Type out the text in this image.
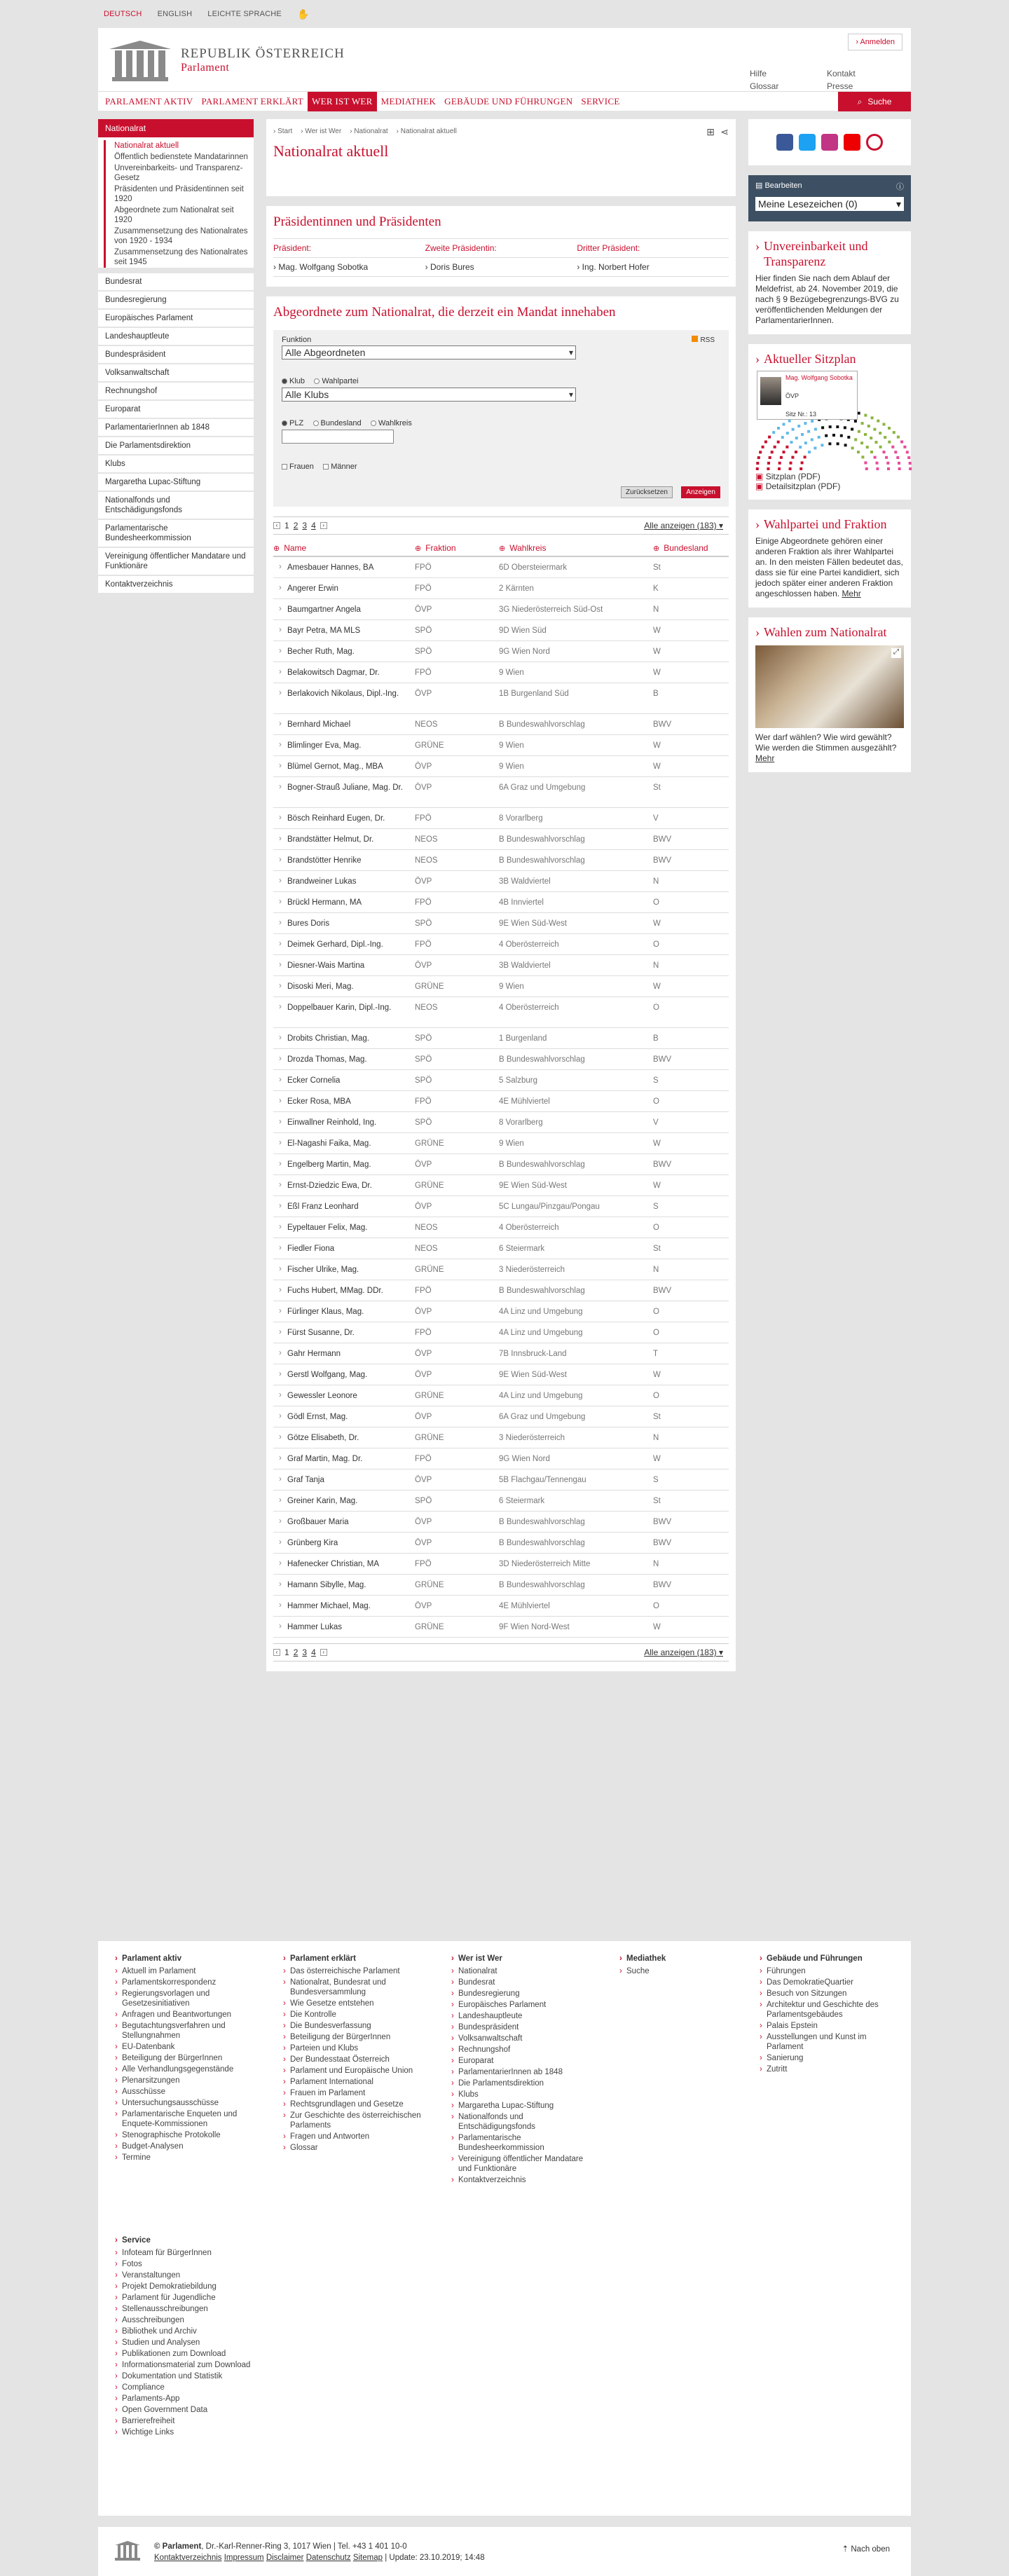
DEUTSCH ENGLISH LEICHTE SPRACHE ✋
REPUBLIK ÖSTERREICH
Parlament
› Anmelden
Hilfe	Kontakt
Glossar	Presse
PARLAMENT AKTIV PARLAMENT ERKLÄRT WER IST WER MEDIATHEK GEBÄUDE UND FÜHRUNGEN SERVICE	⌕ Suche
Nationalrat
Nationalrat aktuell
Öffentlich bedienstete Mandatarinnen
Unvereinbarkeits- und Transparenz-Gesetz
Präsidenten und Präsidentinnen seit 1920
Abgeordnete zum Nationalrat seit 1920
Zusammensetzung des Nationalrates von 1920 - 1934
Zusammensetzung des Nationalrates seit 1945
Bundesrat
Bundesregierung
Europäisches Parlament
Landeshauptleute
Bundespräsident
Volksanwaltschaft
Rechnungshof
Europarat
ParlamentarierInnen ab 1848
Die Parlamentsdirektion
Klubs
Margaretha Lupac-Stiftung
Nationalfonds und Entschädigungsfonds
Parlamentarische Bundesheerkommission
Vereinigung öffentlicher Mandatare und Funktionäre
Kontaktverzeichnis
› Start › Wer ist Wer › Nationalrat › Nationalrat aktuell	⊞ ⋖
Nationalrat aktuell
Präsidentinnen und Präsidenten
Präsident:	Zweite Präsidentin:	Dritter Präsident:
› Mag. Wolfgang Sobotka	› Doris Bures	› Ing. Norbert Hofer
Abgeordnete zum Nationalrat, die derzeit ein Mandat innehaben
Funktion	RSS
Alle Abgeordneten ▾
Klub
Wahlpartei
Alle Klubs ▾
PLZ
Bundesland
Wahlkreis
Frauen
Männer
Zurücksetzen	Anzeigen
‹ 1 2 3 4	›	Alle anzeigen (183) ▾
⊕ Name	⊕ Fraktion	⊕ Wahlkreis	⊕ Bundesland
› Amesbauer Hannes, BA	FPÖ	6D Obersteiermark	St
› Angerer Erwin	FPÖ	2 Kärnten	K
› Baumgartner Angela	ÖVP	3G Niederösterreich Süd-Ost	N
› Bayr Petra, MA MLS	SPÖ	9D Wien Süd	W
› Becher Ruth, Mag.	SPÖ	9G Wien Nord	W
› Belakowitsch Dagmar, Dr.	FPÖ	9 Wien	W
› Berlakovich Nikolaus, Dipl.-Ing.	ÖVP	1B Burgenland Süd	B
› Bernhard Michael	NEOS	B Bundeswahlvorschlag	BWV
› Blimlinger Eva, Mag.	GRÜNE	9 Wien	W
› Blümel Gernot, Mag., MBA	ÖVP	9 Wien	W
› Bogner-Strauß Juliane, Mag. Dr.	ÖVP	6A Graz und Umgebung	St
› Bösch Reinhard Eugen, Dr.	FPÖ	8 Vorarlberg	V
› Brandstätter Helmut, Dr.	NEOS	B Bundeswahlvorschlag	BWV
› Brandstötter Henrike	NEOS	B Bundeswahlvorschlag	BWV
› Brandweiner Lukas	ÖVP	3B Waldviertel	N
› Brückl Hermann, MA	FPÖ	4B Innviertel	O
› Bures Doris	SPÖ	9E Wien Süd-West	W
› Deimek Gerhard, Dipl.-Ing.	FPÖ	4 Oberösterreich	O
› Diesner-Wais Martina	ÖVP	3B Waldviertel	N
› Disoski Meri, Mag.	GRÜNE	9 Wien	W
› Doppelbauer Karin, Dipl.-Ing.	NEOS	4 Oberösterreich	O
› Drobits Christian, Mag.	SPÖ	1 Burgenland	B
› Drozda Thomas, Mag.	SPÖ	B Bundeswahlvorschlag	BWV
› Ecker Cornelia	SPÖ	5 Salzburg	S
› Ecker Rosa, MBA	FPÖ	4E Mühlviertel	O
› Einwallner Reinhold, Ing.	SPÖ	8 Vorarlberg	V
› El-Nagashi Faika, Mag.	GRÜNE	9 Wien	W
› Engelberg Martin, Mag.	ÖVP	B Bundeswahlvorschlag	BWV
› Ernst-Dziedzic Ewa, Dr.	GRÜNE	9E Wien Süd-West	W
› Eßl Franz Leonhard	ÖVP	5C Lungau/Pinzgau/Pongau	S
› Eypeltauer Felix, Mag.	NEOS	4 Oberösterreich	O
› Fiedler Fiona	NEOS	6 Steiermark	St
› Fischer Ulrike, Mag.	GRÜNE	3 Niederösterreich	N
› Fuchs Hubert, MMag. DDr.	FPÖ	B Bundeswahlvorschlag	BWV
› Fürlinger Klaus, Mag.	ÖVP	4A Linz und Umgebung	O
› Fürst Susanne, Dr.	FPÖ	4A Linz und Umgebung	O
› Gahr Hermann	ÖVP	7B Innsbruck-Land	T
› Gerstl Wolfgang, Mag.	ÖVP	9E Wien Süd-West	W
› Gewessler Leonore	GRÜNE	4A Linz und Umgebung	O
› Gödl Ernst, Mag.	ÖVP	6A Graz und Umgebung	St
› Götze Elisabeth, Dr.	GRÜNE	3 Niederösterreich	N
› Graf Martin, Mag. Dr.	FPÖ	9G Wien Nord	W
› Graf Tanja	ÖVP	5B Flachgau/Tennengau	S
› Greiner Karin, Mag.	SPÖ	6 Steiermark	St
› Großbauer Maria	ÖVP	B Bundeswahlvorschlag	BWV
› Grünberg Kira	ÖVP	B Bundeswahlvorschlag	BWV
› Hafenecker Christian, MA	FPÖ	3D Niederösterreich Mitte	N
› Hamann Sibylle, Mag.	GRÜNE	B Bundeswahlvorschlag	BWV
› Hammer Michael, Mag.	ÖVP	4E Mühlviertel	O
› Hammer Lukas	GRÜNE	9F Wien Nord-West	W
‹ 1 2 3 4	›	Alle anzeigen (183) ▾
▤ Bearbeiten	ⓘ
Meine Lesezeichen (0)	▾
› Unvereinbarkeit und Transparenz

Hier finden Sie nach dem Ablauf der Meldefrist, ab 24. November 2019, die nach § 9 Bezügebegrenzungs-BVG zu veröffentlichenden Meldungen der ParlamentarierInnen.

› Aktueller Sitzplan
Mag. Wolfgang Sobotka
ÖVP
Sitz Nr.: 13
▣ Sitzplan (PDF)
▣ Detailsitzplan (PDF)
› Wahlpartei und Fraktion

Einige Abgeordnete gehören einer anderen Fraktion als ihrer Wahlpartei an. In den meisten Fällen bedeutet das, dass sie für eine Partei kandidiert, sich jedoch später einer anderen Fraktion angeschlossen haben. Mehr

› Wahlen zum Nationalrat
⤢

Wer darf wählen? Wie wird gewählt? Wie werden die Stimmen ausgezählt? Mehr

› Parlament aktiv
› Aktuell im Parlament
› Parlamentskorrespondenz
› Regierungsvorlagen und Gesetzesinitiativen
› Anfragen und Beantwortungen
› Begutachtungsverfahren und Stellungnahmen
› EU-Datenbank
› Beteiligung der BürgerInnen
› Alle Verhandlungsgegenstände
› Plenarsitzungen
› Ausschüsse
› Untersuchungsausschüsse
› Parlamentarische Enqueten und Enquete-Kommissionen
› Stenographische Protokolle
› Budget-Analysen
› Termine
› Parlament erklärt
› Das österreichische Parlament
› Nationalrat, Bundesrat und Bundesversammlung
› Wie Gesetze entstehen
› Die Kontrolle
› Die Bundesverfassung
› Beteiligung der BürgerInnen
› Parteien und Klubs
› Der Bundesstaat Österreich
› Parlament und Europäische Union
› Parlament International
› Frauen im Parlament
› Rechtsgrundlagen und Gesetze
› Zur Geschichte des österreichischen Parlaments
› Fragen und Antworten
› Glossar
› Wer ist Wer
› Nationalrat
› Bundesrat
› Bundesregierung
› Europäisches Parlament
› Landeshauptleute
› Bundespräsident
› Volksanwaltschaft
› Rechnungshof
› Europarat
› ParlamentarierInnen ab 1848
› Die Parlamentsdirektion
› Klubs
› Margaretha Lupac-Stiftung
› Nationalfonds und Entschädigungsfonds
› Parlamentarische Bundesheerkommission
› Vereinigung öffentlicher Mandatare und Funktionäre
› Kontaktverzeichnis
› Mediathek
› Suche
› Gebäude und Führungen
› Führungen
› Das DemokratieQuartier
› Besuch von Sitzungen
› Architektur und Geschichte des Parlamentsgebäudes
› Palais Epstein
› Ausstellungen und Kunst im Parlament
› Sanierung
› Zutritt
› Service
› Infoteam für BürgerInnen
› Fotos
› Veranstaltungen
› Projekt Demokratiebildung
› Parlament für Jugendliche
› Stellenausschreibungen
› Ausschreibungen
› Bibliothek und Archiv
› Studien und Analysen
› Publikationen zum Download
› Informationsmaterial zum Download
› Dokumentation und Statistik
› Compliance
› Parlaments-App
› Open Government Data
› Barrierefreiheit
› Wichtige Links
© Parlament, Dr.-Karl-Renner-Ring 3, 1017 Wien | Tel. +43 1 401 10-0
Kontaktverzeichnis Impressum Disclaimer Datenschutz Sitemap | Update: 23.10.2019; 14:48
⇡ Nach oben
